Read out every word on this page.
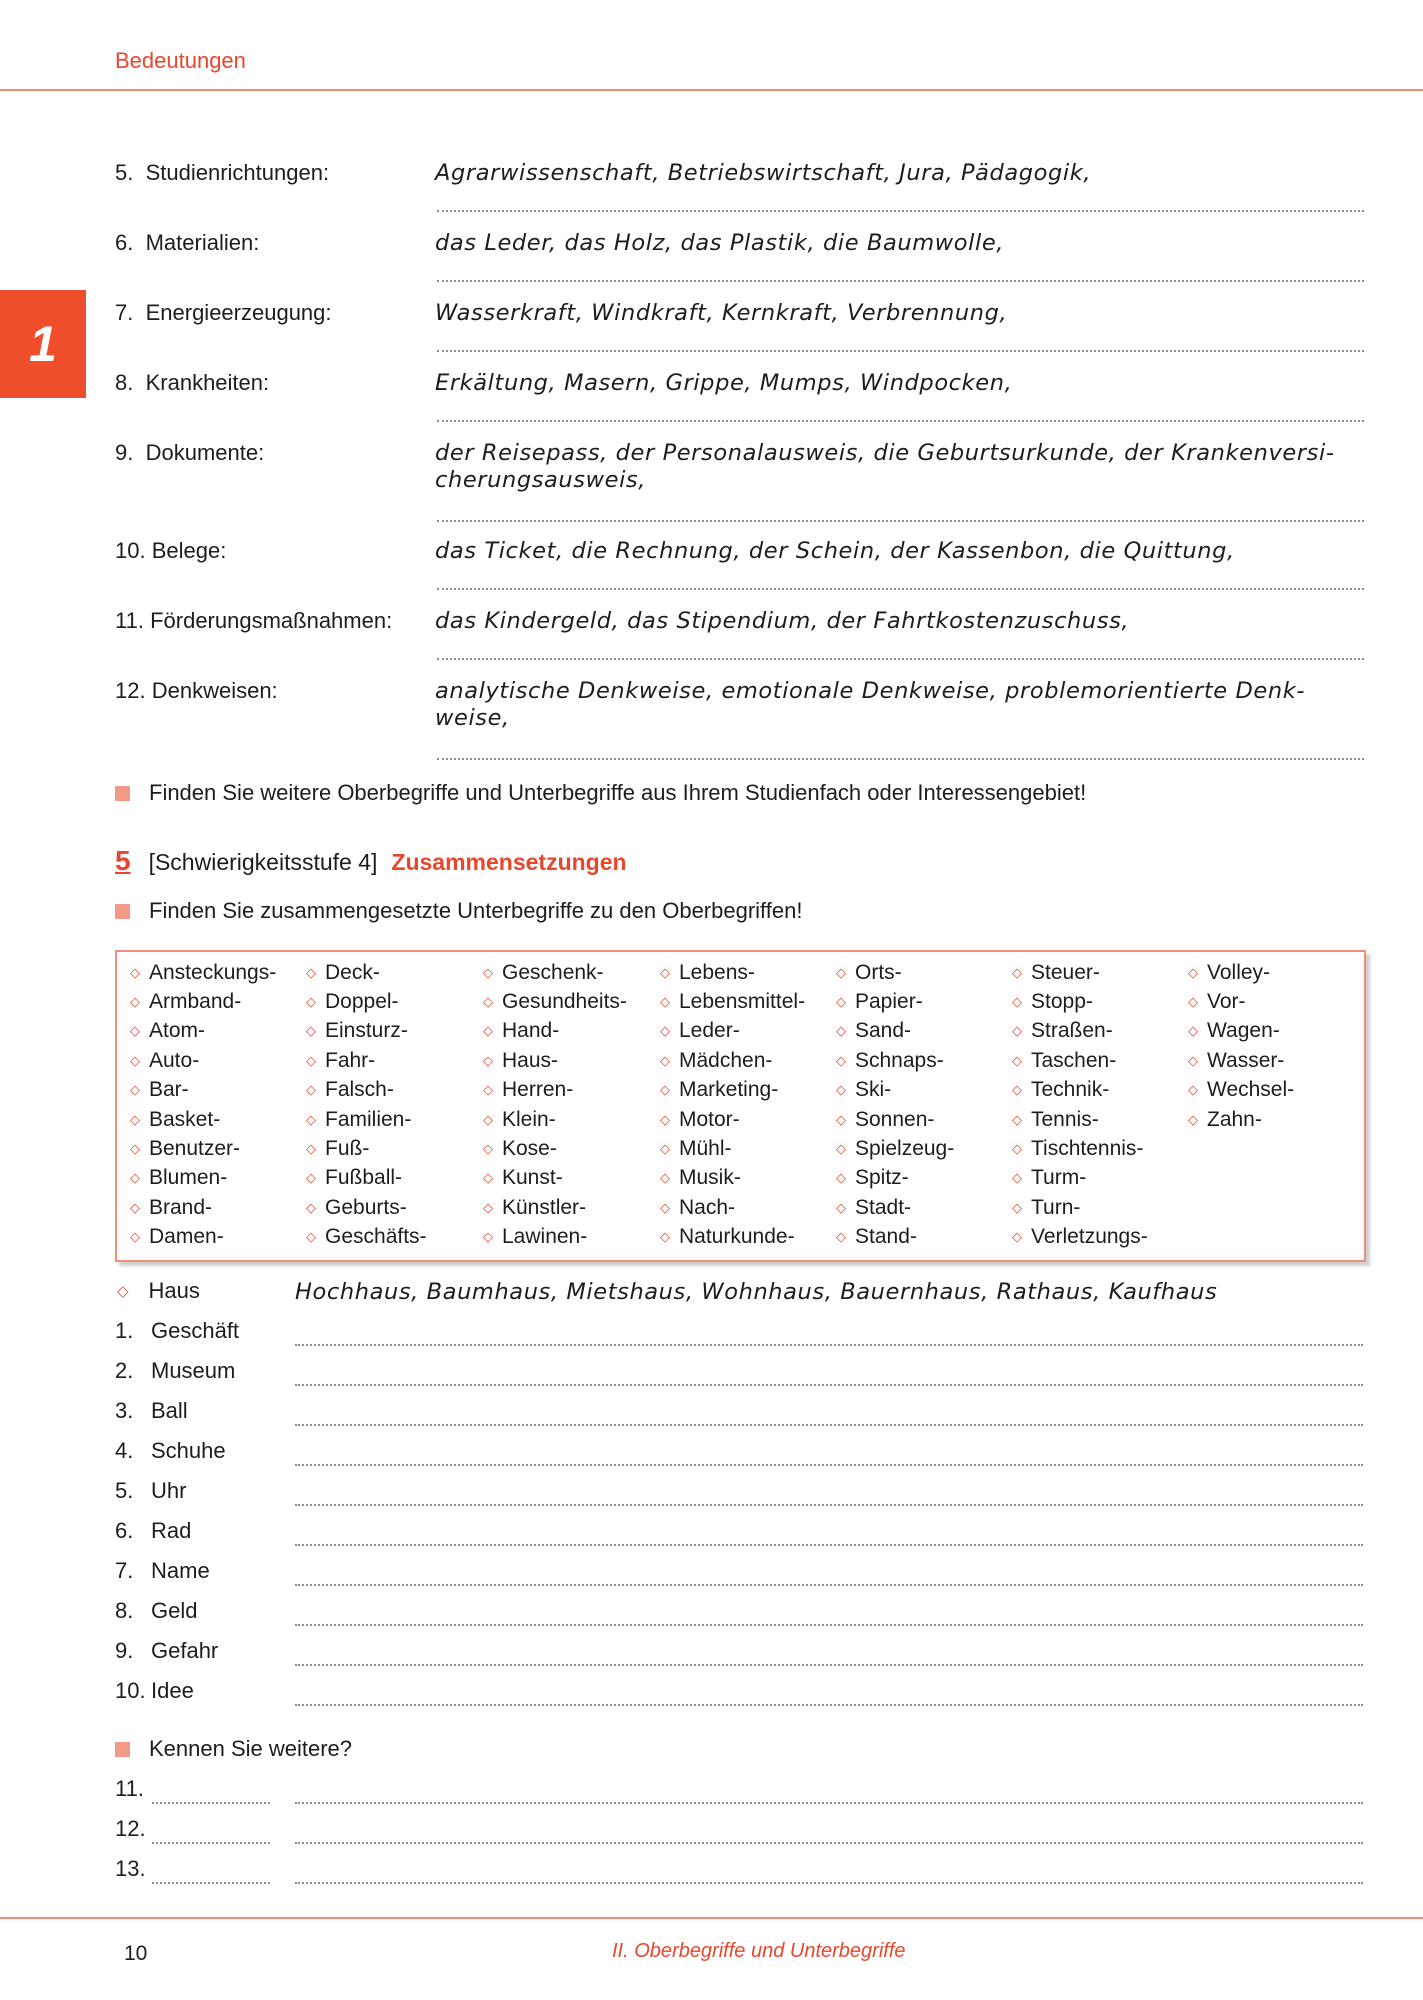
Bedeutungen
1
5. Studienrichtungen:	Agrarwissenschaft, Betriebswirtschaft, Jura, Pädagogik,
6. Materialien:	das Leder, das Holz, das Plastik, die Baumwolle,
7. Energieerzeugung:	Wasserkraft, Windkraft, Kernkraft, Verbrennung,
8. Krankheiten:	Erkältung, Masern, Grippe, Mumps, Windpocken,
9. Dokumente:	der Reisepass, der Personalausweis, die Geburtsurkunde, der Krankenversi-cherungsausweis,
10. Belege:	das Ticket, die Rechnung, der Schein, der Kassenbon, die Quittung,
11. Förderungsmaßnahmen: das Kindergeld, das Stipendium, der Fahrtkostenzuschuss,
12. Denkweisen:	analytische Denkweise, emotionale Denkweise, problemorientierte Denk-weise,
Finden Sie weitere Oberbegriffe und Unterbegriffe aus Ihrem Studienfach oder Interessengebiet!
5 [Schwierigkeitsstufe 4] Zusammensetzungen
Finden Sie zusammengesetzte Unterbegriffe zu den Oberbegriffen!
◇ Ansteckungs-
◇ Armband-
◇ Atom-
◇ Auto-
◇ Bar-
◇ Basket-
◇ Benutzer-
◇ Blumen-
◇ Brand-
◇ Damen-
◇ Deck-
◇ Doppel-
◇ Einsturz-
◇ Fahr-
◇ Falsch-
◇ Familien-
◇ Fuß-
◇ Fußball-
◇ Geburts-
◇ Geschäfts-
◇ Geschenk-
◇ Gesundheits-
◇ Hand-
◇ Haus-
◇ Herren-
◇ Klein-
◇ Kose-
◇ Kunst-
◇ Künstler-
◇ Lawinen-
◇ Lebens-
◇ Lebensmittel-
◇ Leder-
◇ Mädchen-
◇ Marketing-
◇ Motor-
◇ Mühl-
◇ Musik-
◇ Nach-
◇ Naturkunde-
◇ Orts-
◇ Papier-
◇ Sand-
◇ Schnaps-
◇ Ski-
◇ Sonnen-
◇ Spielzeug-
◇ Spitz-
◇ Stadt-
◇ Stand-
◇ Steuer-
◇ Stopp-
◇ Straßen-
◇ Taschen-
◇ Technik-
◇ Tennis-
◇ Tischtennis-
◇ Turm-
◇ Turn-
◇ Verletzungs-
◇ Volley-
◇ Vor-
◇ Wagen-
◇ Wasser-
◇ Wechsel-
◇ Zahn-
◇ Haus	Hochhaus, Baumhaus, Mietshaus, Wohnhaus, Bauernhaus, Rathaus, Kaufhaus
1. Geschäft
2. Museum
3. Ball
4. Schuhe
5. Uhr
6. Rad
7. Name
8. Geld
9. Gefahr
10. Idee
Kennen Sie weitere?
11.
12.
13.
10	II. Oberbegriffe und Unterbegriffe
